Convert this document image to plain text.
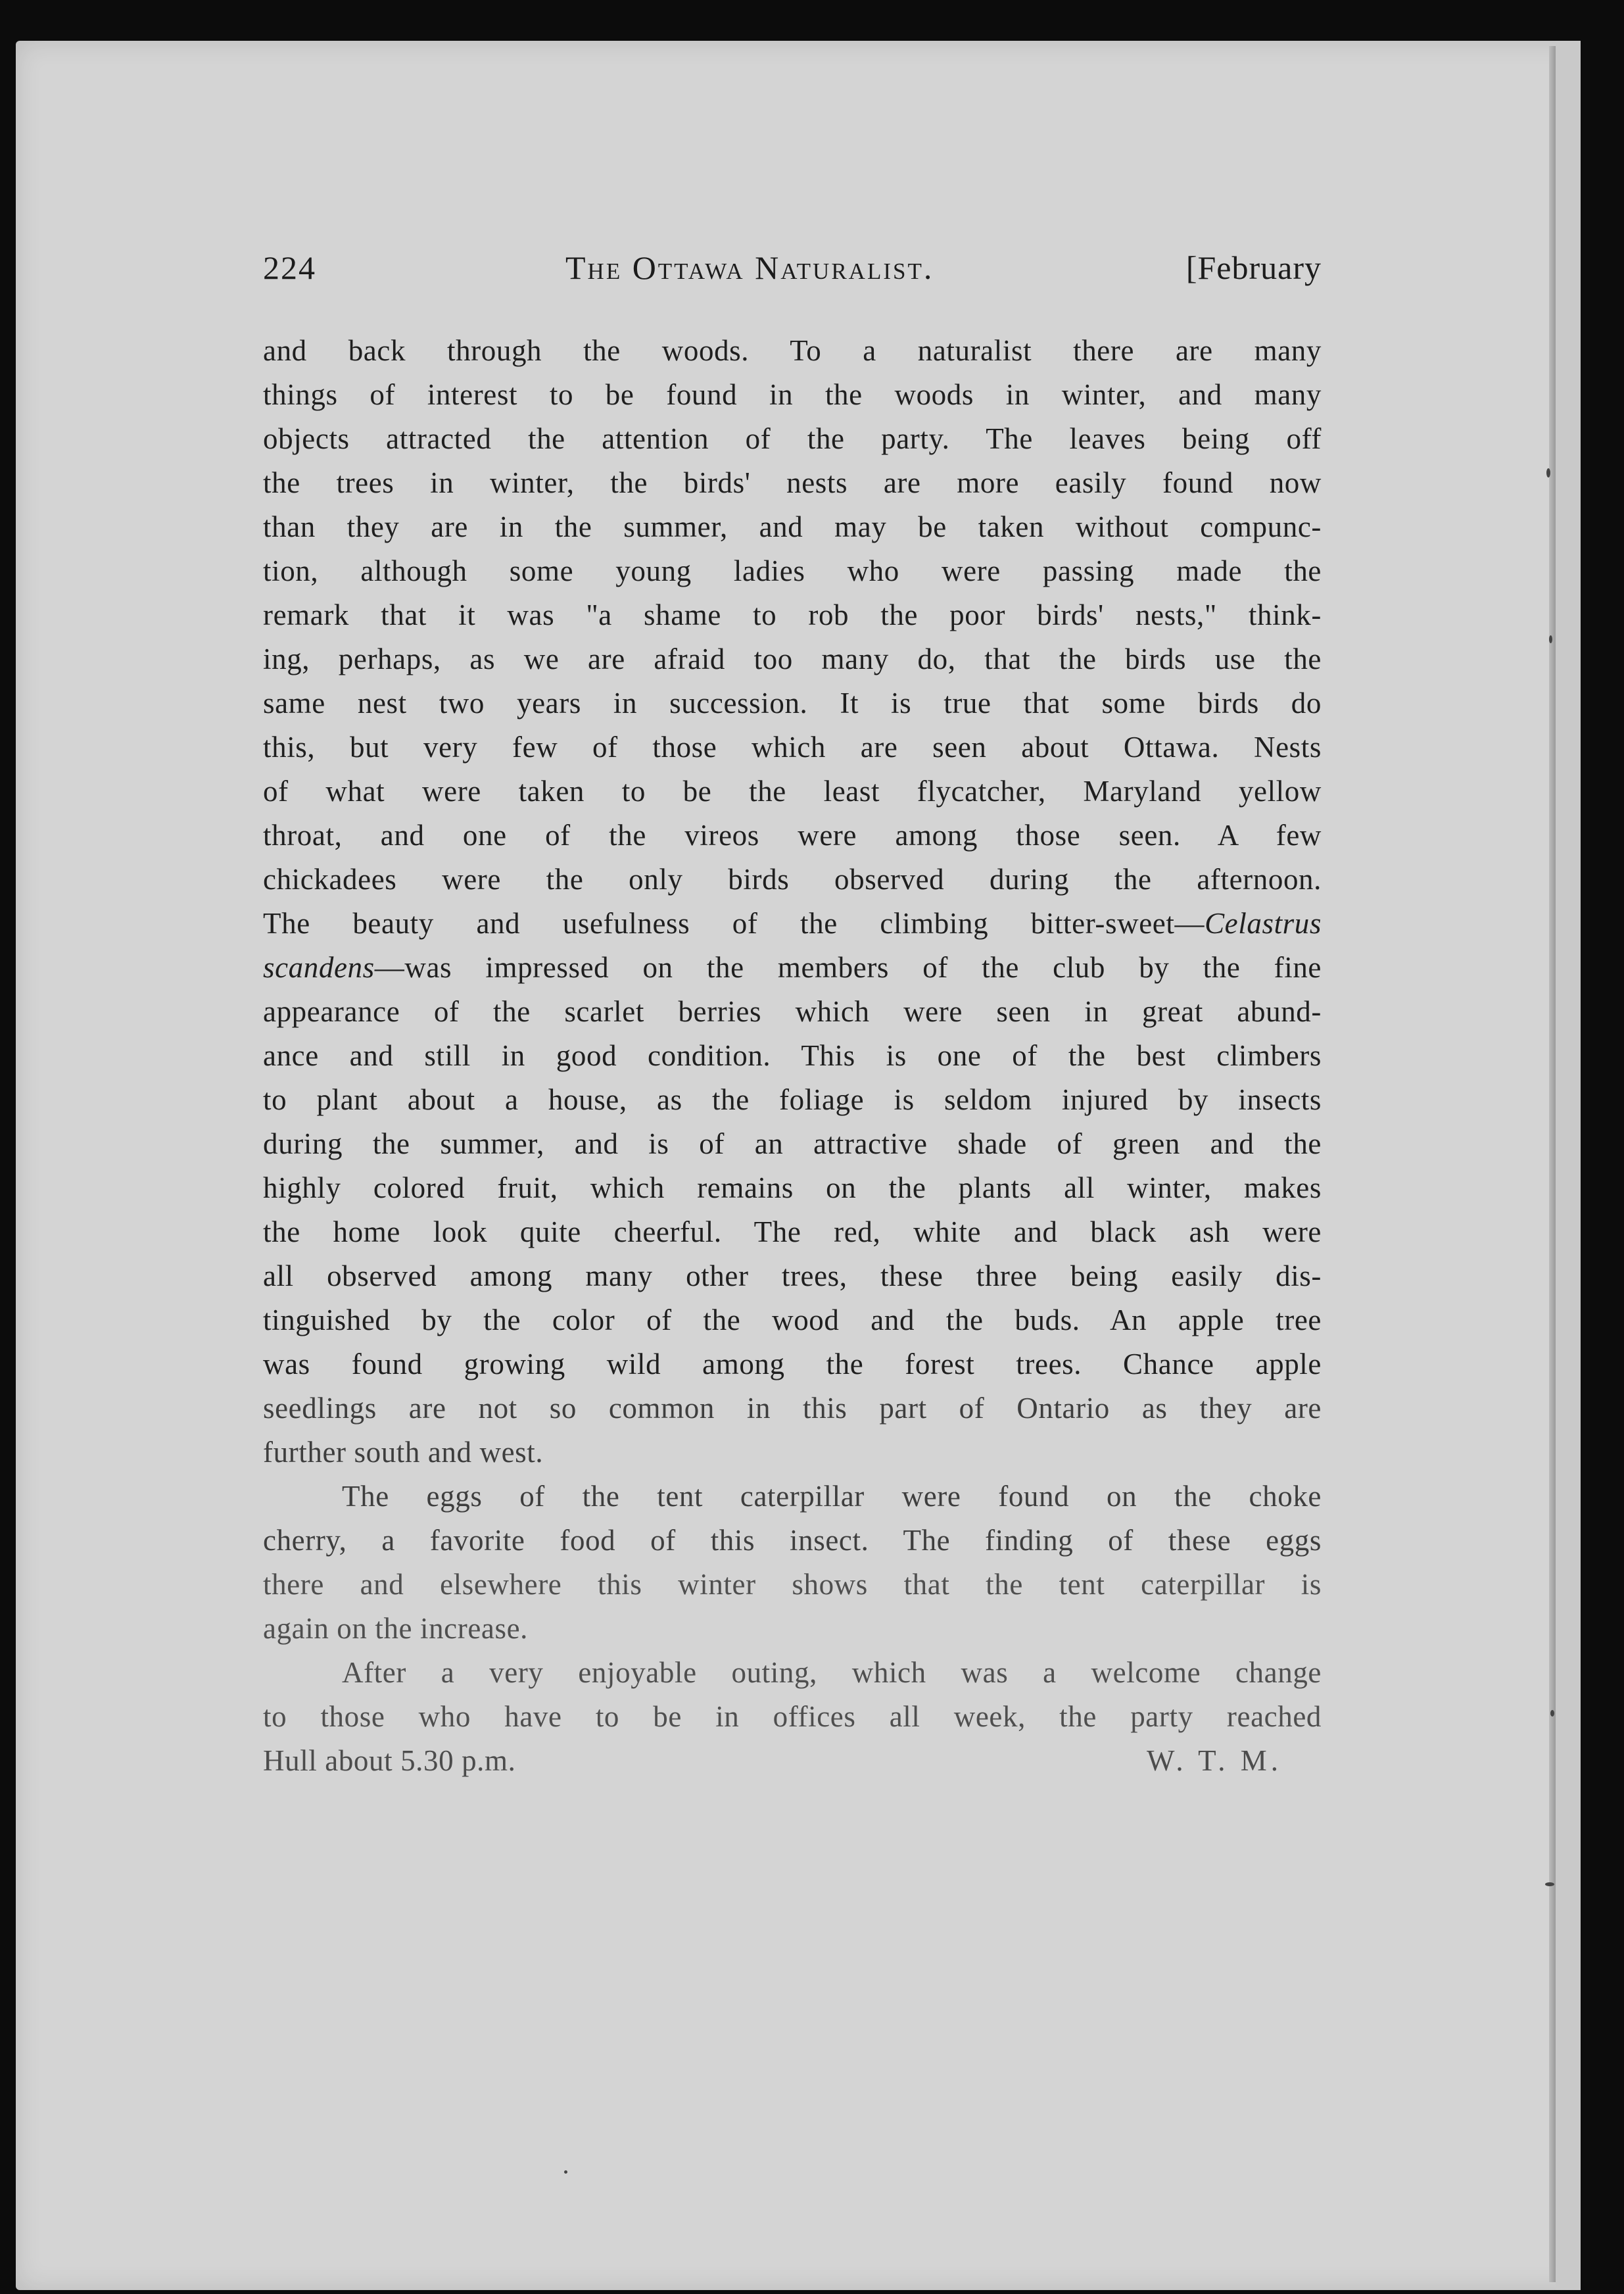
224	The Ottawa Naturalist.	[February
and back through the woods. To a naturalist there are many
things of interest to be found in the woods in winter, and many
objects attracted the attention of the party. The leaves being off
the trees in winter, the birds' nests are more easily found now
than they are in the summer, and may be taken without compunc-
tion, although some young ladies who were passing made the
remark that it was "a shame to rob the poor birds' nests," think-
ing, perhaps, as we are afraid too many do, that the birds use the
same nest two years in succession. It is true that some birds do
this, but very few of those which are seen about Ottawa. Nests
of what were taken to be the least flycatcher, Maryland yellow
throat, and one of the vireos were among those seen. A few
chickadees were the only birds observed during the afternoon.
The beauty and usefulness of the climbing bitter-sweet—Celastrus
scandens—was impressed on the members of the club by the fine
appearance of the scarlet berries which were seen in great abund-
ance and still in good condition. This is one of the best climbers
to plant about a house, as the foliage is seldom injured by insects
during the summer, and is of an attractive shade of green and the
highly colored fruit, which remains on the plants all winter, makes
the home look quite cheerful. The red, white and black ash were
all observed among many other trees, these three being easily dis-
tinguished by the color of the wood and the buds. An apple tree
was found growing wild among the forest trees. Chance apple
seedlings are not so common in this part of Ontario as they are
further south and west.
The eggs of the tent caterpillar were found on the choke
cherry, a favorite food of this insect. The finding of these eggs
there and elsewhere this winter shows that the tent caterpillar is
again on the increase.
After a very enjoyable outing, which was a welcome change
to those who have to be in offices all week, the party reached
Hull about 5.30 p.m.	W. T. M.
